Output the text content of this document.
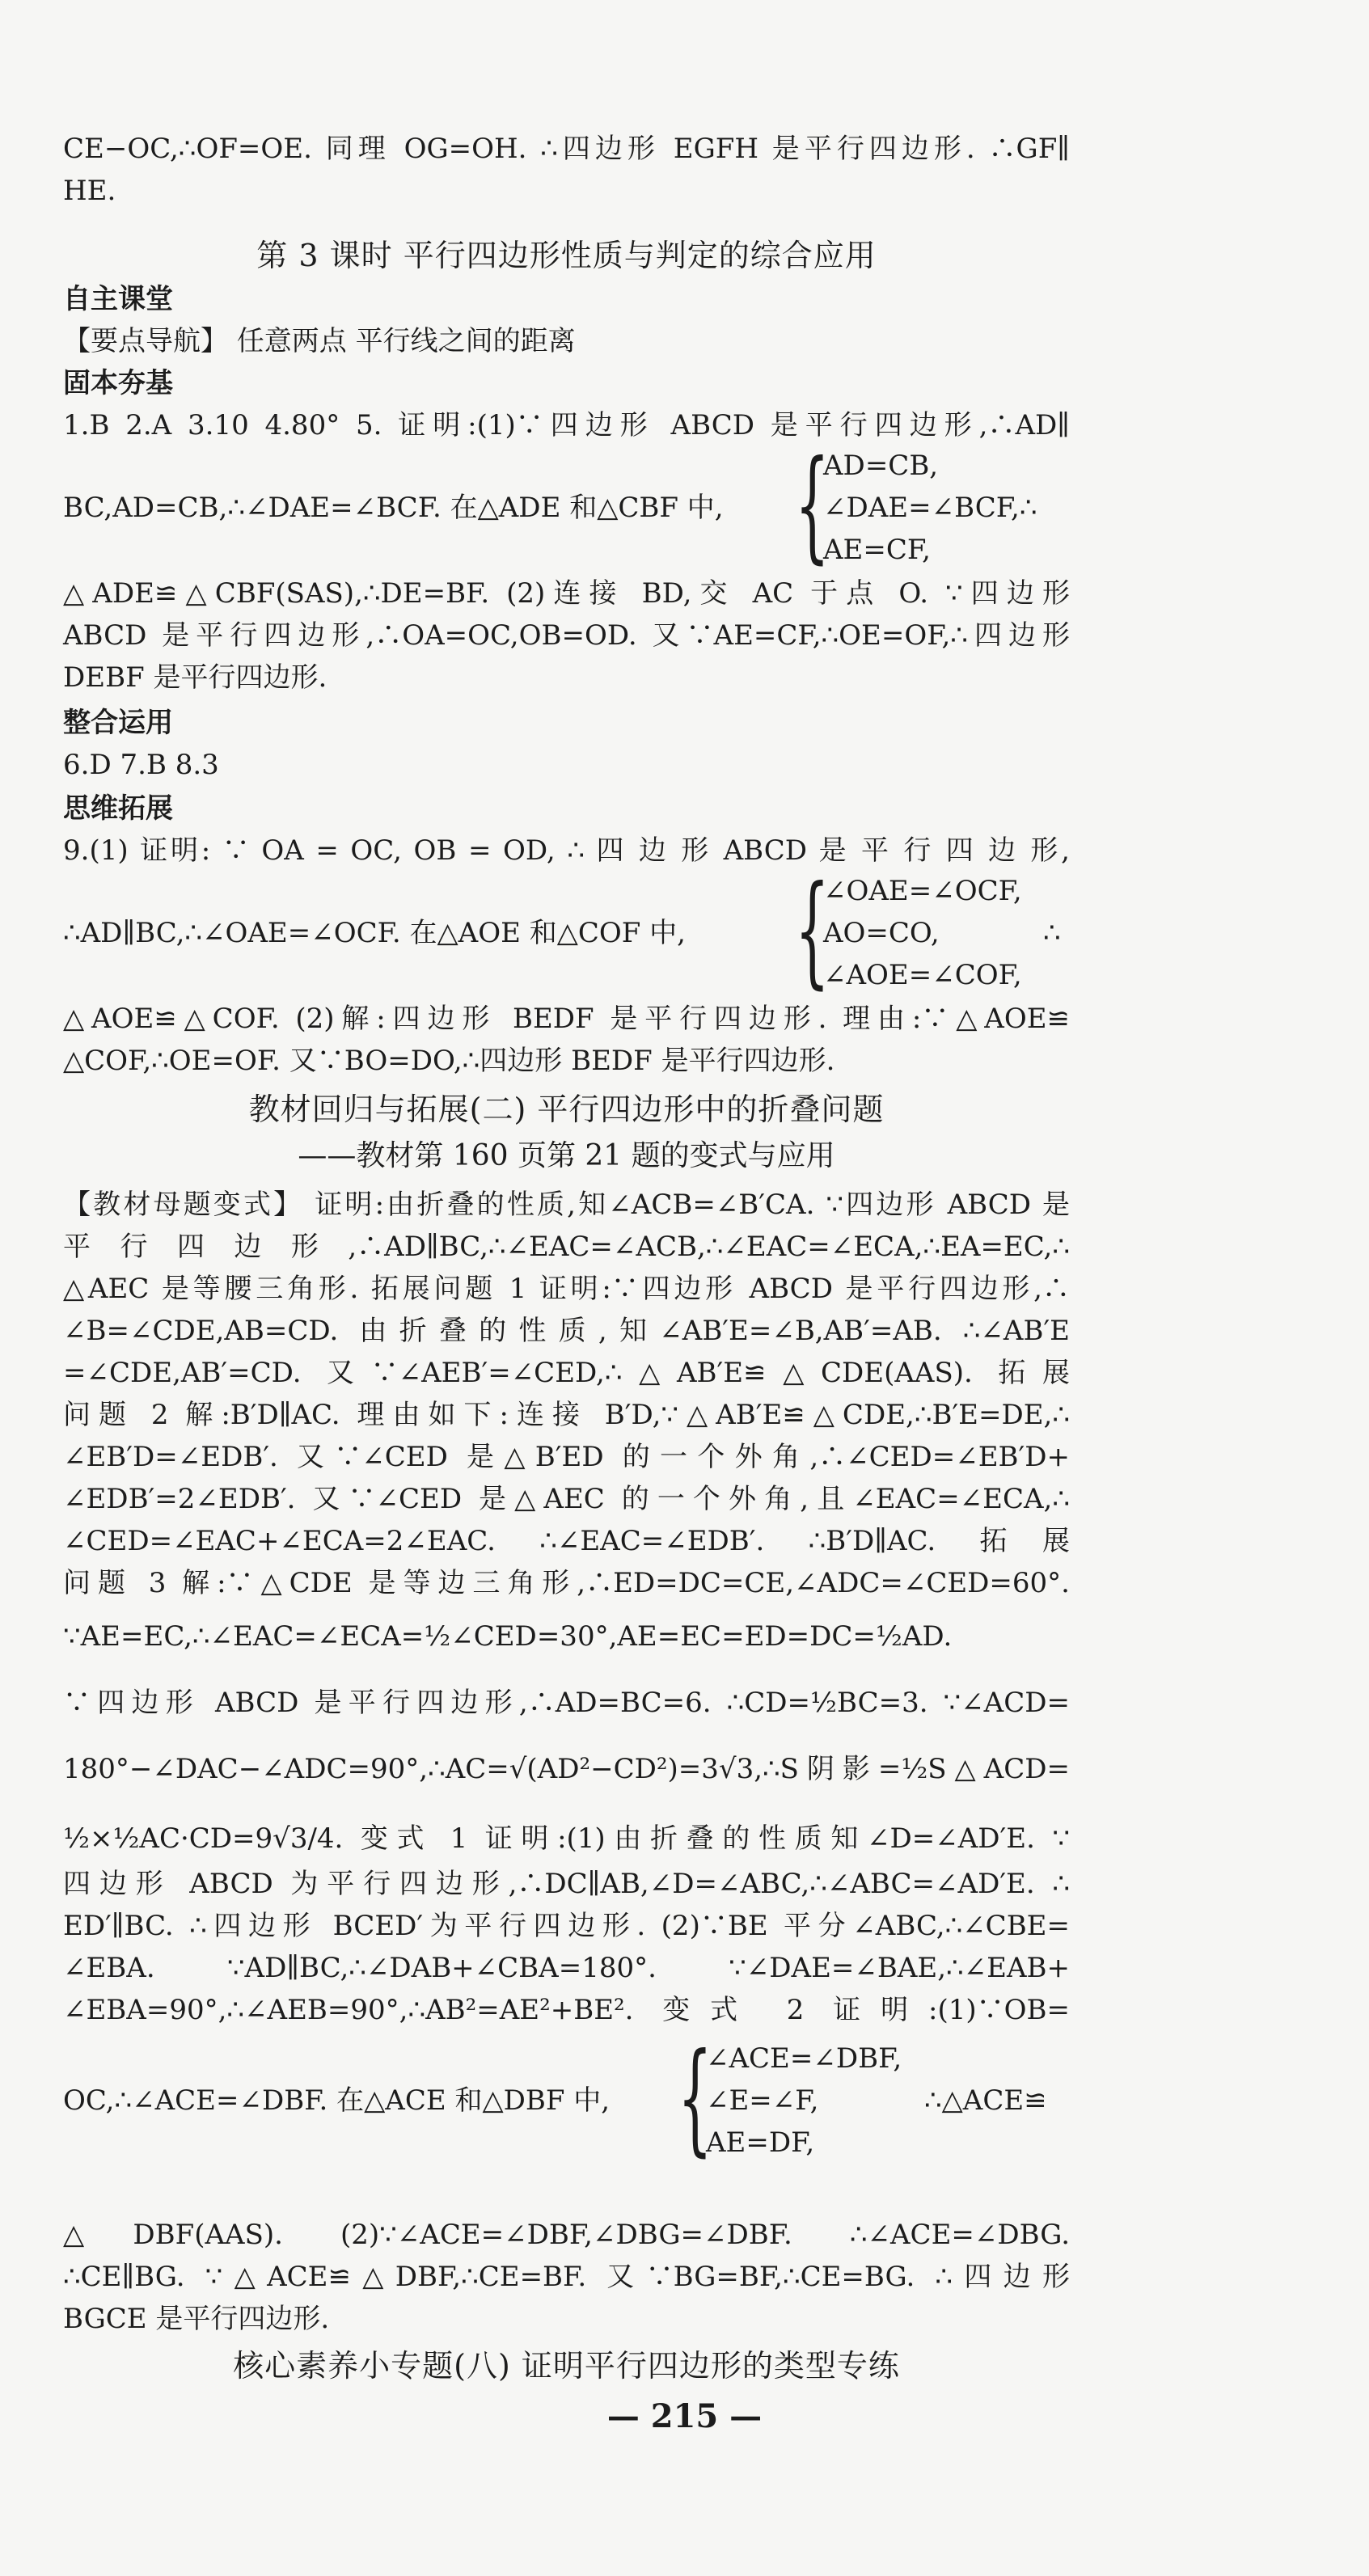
CE−OC,∴OF=OE. 同理 OG=OH. ∴四边形 EGFH 是平行四边形. ∴GF∥
HE.
第 3 课时 平行四边形性质与判定的综合应用
自主课堂
【要点导航】 任意两点 平行线之间的距离
固本夯基
1.B 2.A 3.10 4.80° 5. 证明:(1)∵四边形 ABCD 是平行四边形,∴AD∥
BC,AD=CB,∴∠DAE=∠BCF. 在△ADE 和△CBF 中, {
AD=CB,
∠DAE=∠BCF,∴
AE=CF,
△ADE≌△CBF(SAS),∴DE=BF. (2)连接 BD,交 AC 于点 O. ∵四边形
ABCD 是平行四边形,∴OA=OC,OB=OD. 又∵AE=CF,∴OE=OF,∴四边形
DEBF 是平行四边形.
整合运用
6.D 7.B 8.3
思维拓展
9.(1) 证明: ∵ OA = OC, OB = OD, ∴ 四 边 形 ABCD 是 平 行 四 边 形,
∴AD∥BC,∴∠OAE=∠OCF. 在△AOE 和△COF 中, {
∠OAE=∠OCF,
AO=CO,
∠AOE=∠COF,
∴
△AOE≌△COF. (2)解:四边形 BEDF 是平行四边形. 理由:∵△AOE≌
△COF,∴OE=OF. 又∵BO=DO,∴四边形 BEDF 是平行四边形.
教材回归与拓展(二) 平行四边形中的折叠问题
——教材第 160 页第 21 题的变式与应用
【教材母题变式】 证明:由折叠的性质,知∠ACB=∠B′CA. ∵四边形 ABCD 是
平行四边形,∴AD∥BC,∴∠EAC=∠ACB,∴∠EAC=∠ECA,∴EA=EC,∴
△AEC 是等腰三角形. 拓展问题 1 证明:∵四边形 ABCD 是平行四边形,∴
∠B=∠CDE,AB=CD. 由折叠的性质,知∠AB′E=∠B,AB′=AB. ∴∠AB′E
=∠CDE,AB′=CD. 又∵∠AEB′=∠CED,∴△AB′E≌△CDE(AAS). 拓展
问题 2 解:B′D∥AC. 理由如下:连接 B′D,∵△AB′E≌△CDE,∴B′E=DE,∴
∠EB′D=∠EDB′. 又∵∠CED 是△B′ED 的一个外角,∴∠CED=∠EB′D+
∠EDB′=2∠EDB′. 又∵∠CED 是△AEC 的一个外角,且∠EAC=∠ECA,∴
∠CED=∠EAC+∠ECA=2∠EAC. ∴∠EAC=∠EDB′. ∴B′D∥AC. 拓展
问题 3 解:∵△CDE 是等边三角形,∴ED=DC=CE,∠ADC=∠CED=60°.
∵AE=EC,∴∠EAC=∠ECA=½∠CED=30°,AE=EC=ED=DC=½AD.
∵四边形 ABCD 是平行四边形,∴AD=BC=6. ∴CD=½BC=3. ∵∠ACD=
180°−∠DAC−∠ADC=90°,∴AC=√(AD²−CD²)=3√3,∴S阴影=½S△ACD=
½×½AC·CD=9√3/4. 变式 1 证明:(1)由折叠的性质知∠D=∠AD′E. ∵
四边形 ABCD 为平行四边形,∴DC∥AB,∠D=∠ABC,∴∠ABC=∠AD′E. ∴
ED′∥BC. ∴四边形 BCED′为平行四边形. (2)∵BE 平分∠ABC,∴∠CBE=
∠EBA. ∵AD∥BC,∴∠DAB+∠CBA=180°. ∵∠DAE=∠BAE,∴∠EAB+
∠EBA=90°,∴∠AEB=90°,∴AB²=AE²+BE². 变式 2 证明:(1)∵OB=
OC,∴∠ACE=∠DBF. 在△ACE 和△DBF 中, {
∠ACE=∠DBF,
∠E=∠F,
AE=DF,
∴△ACE≌
△DBF(AAS). (2)∵∠ACE=∠DBF,∠DBG=∠DBF. ∴∠ACE=∠DBG.
∴CE∥BG. ∵△ACE≌△DBF,∴CE=BF. 又∵BG=BF,∴CE=BG. ∴四边形
BGCE 是平行四边形.
核心素养小专题(八) 证明平行四边形的类型专练
— 215 —
